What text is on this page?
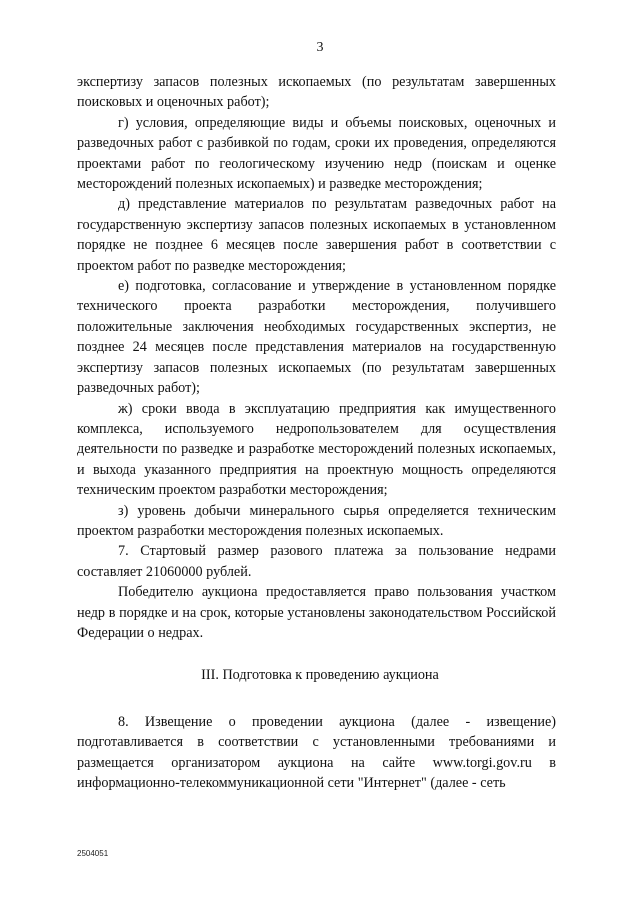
3

экспертизу запасов полезных ископаемых (по результатам завершенных поисковых и оценочных работ);

г) условия, определяющие виды и объемы поисковых, оценочных и разведочных работ с разбивкой по годам, сроки их проведения, определяются проектами работ по геологическому изучению недр (поискам и оценке месторождений полезных ископаемых) и разведке месторождения;

д) представление материалов по результатам разведочных работ на государственную экспертизу запасов полезных ископаемых в установленном порядке не позднее 6 месяцев после завершения работ в соответствии с проектом работ по разведке месторождения;

е) подготовка, согласование и утверждение в установленном порядке технического проекта разработки месторождения, получившего положительные заключения необходимых государственных экспертиз, не позднее 24 месяцев после представления материалов на государственную экспертизу запасов полезных ископаемых (по результатам завершенных разведочных работ);

ж) сроки ввода в эксплуатацию предприятия как имущественного комплекса, используемого недропользователем для осуществления деятельности по разведке и разработке месторождений полезных ископаемых, и выхода указанного предприятия на проектную мощность определяются техническим проектом разработки месторождения;

з) уровень добычи минерального сырья определяется техническим проектом разработки месторождения полезных ископаемых.

7. Стартовый размер разового платежа за пользование недрами составляет 21060000 рублей.

Победителю аукциона предоставляется право пользования участком недр в порядке и на срок, которые установлены законодательством Российской Федерации о недрах.

III. Подготовка к проведению аукциона

8. Извещение о проведении аукциона (далее - извещение) подготавливается в соответствии с установленными требованиями и размещается организатором аукциона на сайте www.torgi.gov.ru в информационно-телекоммуникационной сети "Интернет" (далее - сеть

2504051
